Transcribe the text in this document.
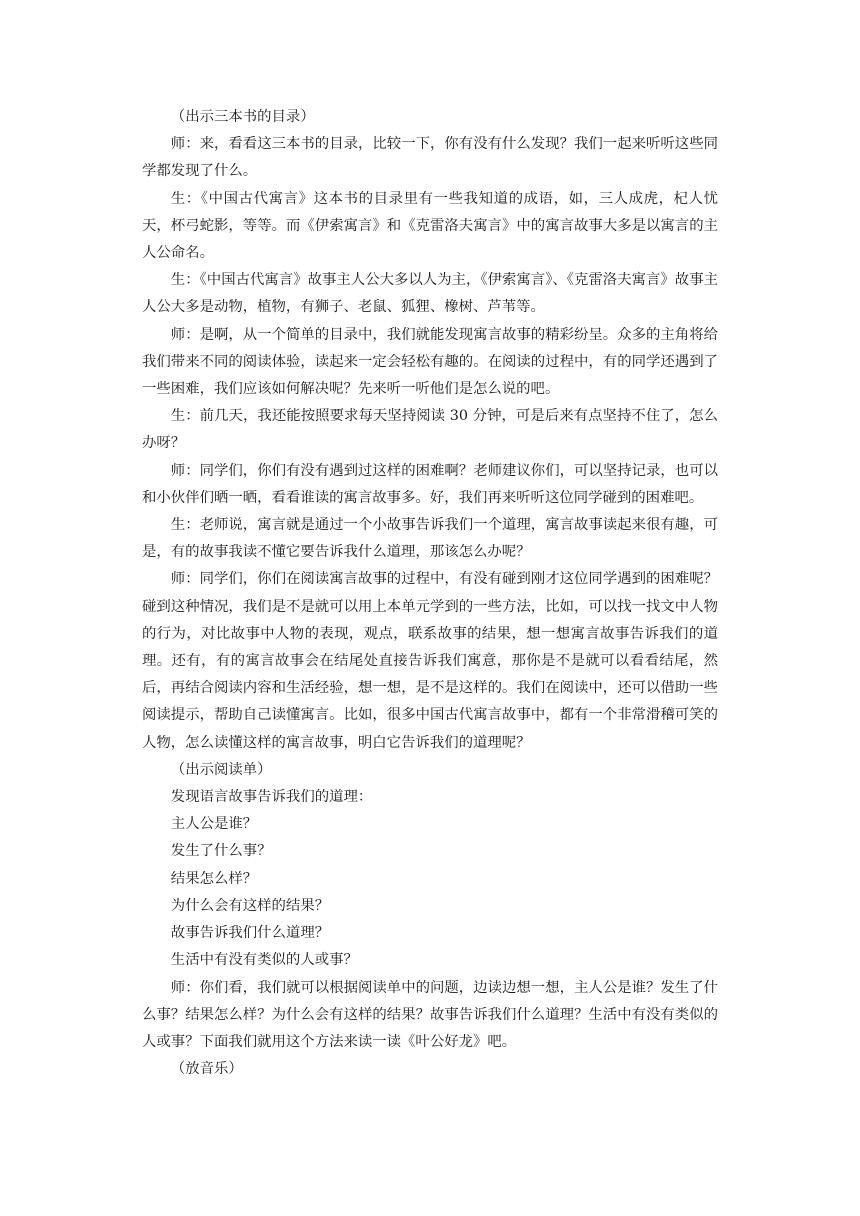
（出示三本书的目录）

师：来，看看这三本书的目录，比较一下，你有没有什么发现？我们一起来听听这些同学都发现了什么。

生：《中国古代寓言》这本书的目录里有一些我知道的成语，如，三人成虎，杞人忧天，杯弓蛇影，等等。而《伊索寓言》和《克雷洛夫寓言》中的寓言故事大多是以寓言的主人公命名。

生：《中国古代寓言》故事主人公大多以人为主，《伊索寓言》、《克雷洛夫寓言》故事主人公大多是动物，植物，有狮子、老鼠、狐狸、橡树、芦苇等。

师：是啊，从一个简单的目录中，我们就能发现寓言故事的精彩纷呈。众多的主角将给我们带来不同的阅读体验，读起来一定会轻松有趣的。在阅读的过程中，有的同学还遇到了一些困难，我们应该如何解决呢？先来听一听他们是怎么说的吧。

生：前几天，我还能按照要求每天坚持阅读 30 分钟，可是后来有点坚持不住了，怎么办呀？

师：同学们，你们有没有遇到过这样的困难啊？老师建议你们，可以坚持记录，也可以和小伙伴们晒一晒，看看谁读的寓言故事多。好，我们再来听听这位同学碰到的困难吧。

生：老师说，寓言就是通过一个小故事告诉我们一个道理，寓言故事读起来很有趣，可是，有的故事我读不懂它要告诉我什么道理，那该怎么办呢？

师：同学们，你们在阅读寓言故事的过程中，有没有碰到刚才这位同学遇到的困难呢？碰到这种情况，我们是不是就可以用上本单元学到的一些方法，比如，可以找一找文中人物的行为，对比故事中人物的表现，观点，联系故事的结果，想一想寓言故事告诉我们的道理。还有，有的寓言故事会在结尾处直接告诉我们寓意，那你是不是就可以看看结尾，然后，再结合阅读内容和生活经验，想一想，是不是这样的。我们在阅读中，还可以借助一些阅读提示，帮助自己读懂寓言。比如，很多中国古代寓言故事中，都有一个非常滑稽可笑的人物，怎么读懂这样的寓言故事，明白它告诉我们的道理呢？

（出示阅读单）

发现语言故事告诉我们的道理：

主人公是谁？

发生了什么事？

结果怎么样？

为什么会有这样的结果？

故事告诉我们什么道理？

生活中有没有类似的人或事？

师：你们看，我们就可以根据阅读单中的问题，边读边想一想，主人公是谁？发生了什么事？结果怎么样？为什么会有这样的结果？故事告诉我们什么道理？生活中有没有类似的人或事？下面我们就用这个方法来读一读《叶公好龙》吧。

（放音乐）
